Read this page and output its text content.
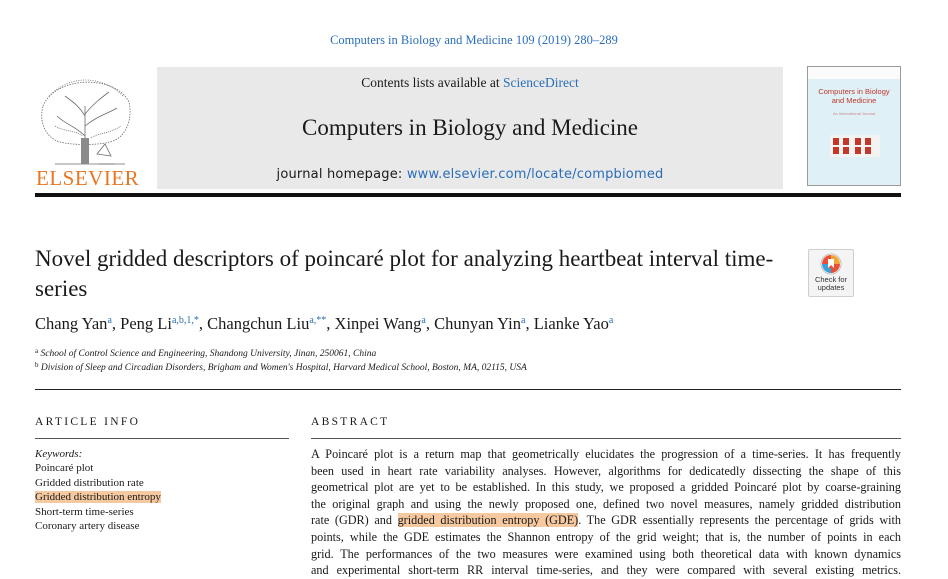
Computers in Biology and Medicine 109 (2019) 280–289
ELSEVIER
Contents lists available at ScienceDirect
Computers in Biology and Medicine
journal homepage: www.elsevier.com/locate/compbiomed
Computers in Biology and Medicine
An International Journal
Novel gridded descriptors of poincaré plot for analyzing heartbeat interval time-series	Check for updates
Chang Yan$^a$, Peng $Li^{a,b,1,*}$, Changchun Liu$^{a,**}$, Xinpei Wang$^a$, Chunyan Yin$^a$, Lianke Yao$^a$
$^a$ School of Control Science and Engineering, Shandong University, Jinan, 250061, China
$^b$ Division of Sleep and Circadian Disorders, Brigham and Women's Hospital, Harvard Medical School, Boston, MA, 02115, USA
ARTICLE INFO
Keywords:
Poincaré plot
Gridded distribution rate
Gridded distribution entropy
Short-term time-series
Coronary artery disease
ABSTRACT
A Poincaré plot is a return map that geometrically elucidates the progression of a time-series. It has frequently
been used in heart rate variability analyses. However, algorithms for dedicatedly dissecting the shape of this
geometrical plot are yet to be established. In this study, we proposed a gridded Poincaré plot by coarse-graining
the original graph and using the newly proposed one, defined two novel measures, namely gridded distribution
rate (GDR) and gridded distribution entropy (GDE). The GDR essentially represents the percentage of grids with
points, while the GDE estimates the Shannon entropy of the grid weight; that is, the number of points in each
grid. The performances of the two measures were examined using both theoretical data with known dynamics
and experimental short-term RR interval time-series, and they were compared with several existing metrics.
